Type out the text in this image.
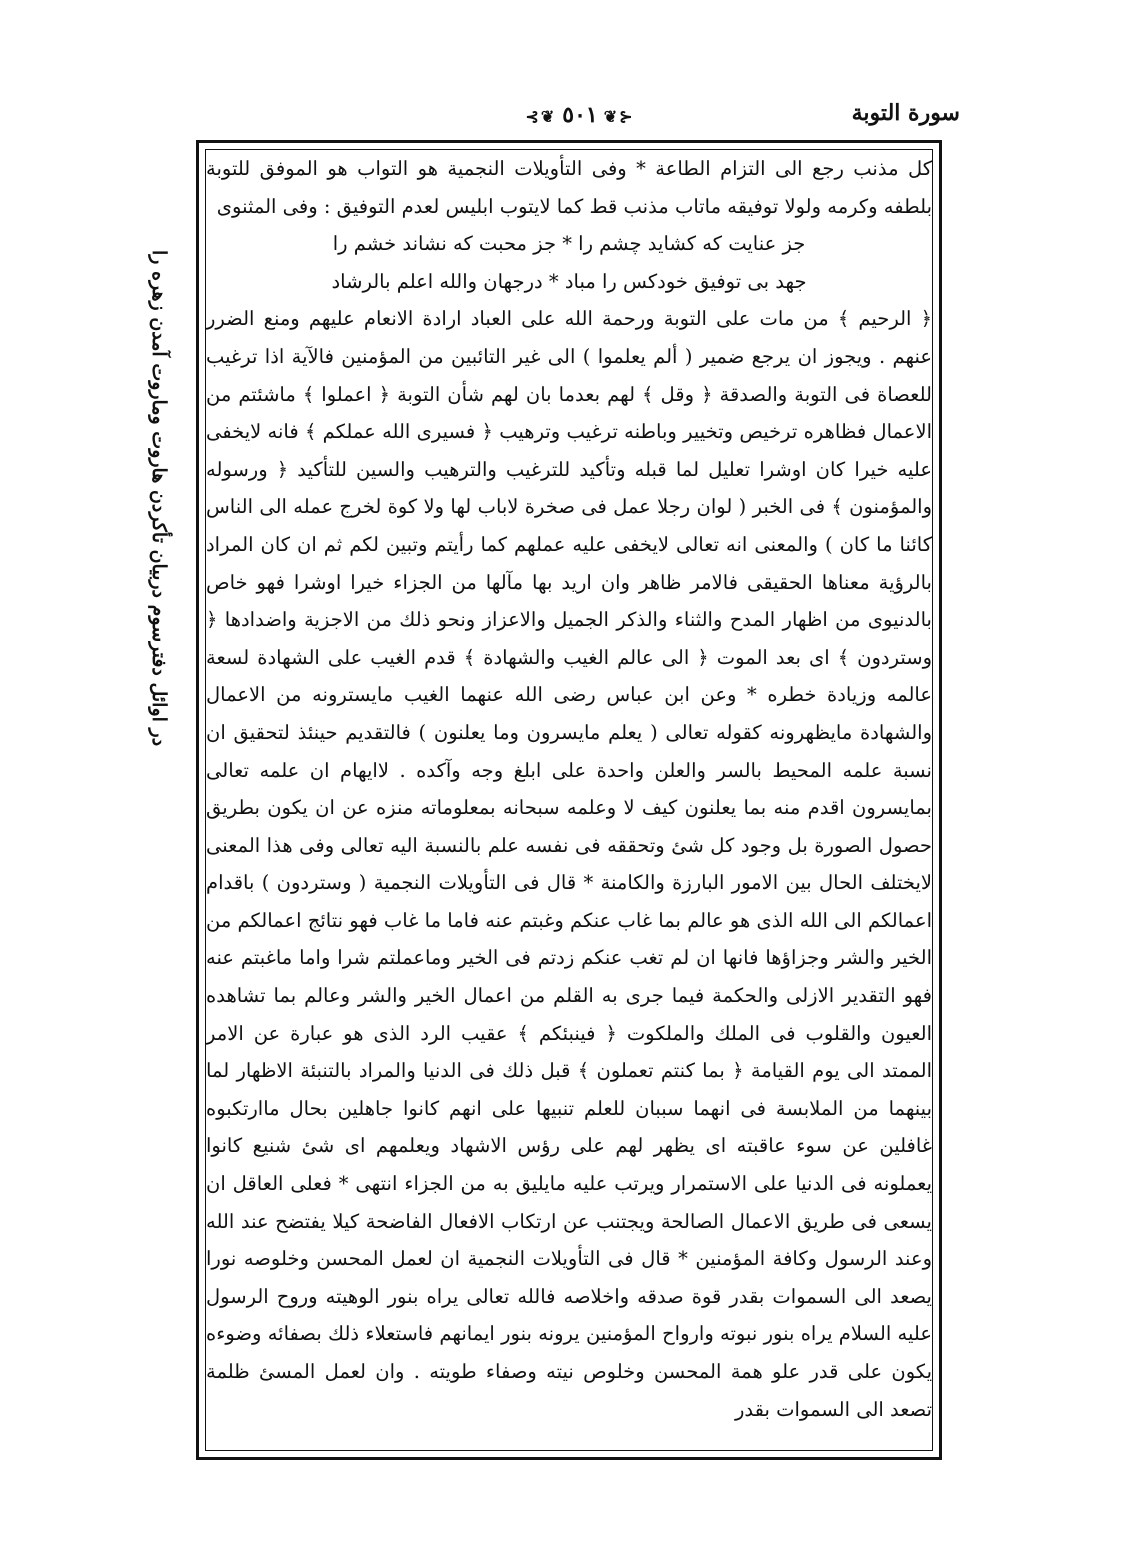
⊰❦ ٥٠١ ❦⊱	سورة التوبة
در اوائل دفترسوم دربيان تأكردن هاروت وماروت آمدن زهره را

كل مذنب رجع الى التزام الطاعة * وفى التأويلات النجمية هو التواب هو الموفق للتوبة بلطفه وكرمه ولولا توفيقه ماتاب مذنب قط كما لايتوب ابليس لعدم التوفيق : وفى المثنوى

جز عنايت كه كشايد چشم را * جز محبت كه نشاند خشم را

جهد بى توفيق خودكس را مباد * درجهان والله اعلم بالرشاد

﴿ الرحيم ﴾ من مات على التوبة ورحمة الله على العباد ارادة الانعام عليهم ومنع الضرر عنهم . ويجوز ان يرجع ضمير ( ألم يعلموا ) الى غير التائبين من المؤمنين فالآية اذا ترغيب للعصاة فى التوبة والصدقة ﴿ وقل ﴾ لهم بعدما بان لهم شأن التوبة ﴿ اعملوا ﴾ ماشئتم من الاعمال فظاهره ترخيص وتخيير وباطنه ترغيب وترهيب ﴿ فسيرى الله عملكم ﴾ فانه لايخفى عليه خيرا كان اوشرا تعليل لما قبله وتأكيد للترغيب والترهيب والسين للتأكيد ﴿ ورسوله والمؤمنون ﴾ فى الخبر ( لوان رجلا عمل فى صخرة لاباب لها ولا كوة لخرج عمله الى الناس كائنا ما كان ) والمعنى انه تعالى لايخفى عليه عملهم كما رأيتم وتبين لكم ثم ان كان المراد بالرؤية معناها الحقيقى فالامر ظاهر وان اريد بها مآلها من الجزاء خيرا اوشرا فهو خاص بالدنيوى من اظهار المدح والثناء والذكر الجميل والاعزاز ونحو ذلك من الاجزية واضدادها ﴿ وستردون ﴾ اى بعد الموت ﴿ الى عالم الغيب والشهادة ﴾ قدم الغيب على الشهادة لسعة عالمه وزيادة خطره * وعن ابن عباس رضى الله عنهما الغيب مايسترونه من الاعمال والشهادة مايظهرونه كقوله تعالى ( يعلم مايسرون وما يعلنون ) فالتقديم حينئذ لتحقيق ان نسبة علمه المحيط بالسر والعلن واحدة على ابلغ وجه وآكده . لاايهام ان علمه تعالى بمايسرون اقدم منه بما يعلنون كيف لا وعلمه سبحانه بمعلوماته منزه عن ان يكون بطريق حصول الصورة بل وجود كل شئ وتحققه فى نفسه علم بالنسبة اليه تعالى وفى هذا المعنى لايختلف الحال بين الامور البارزة والكامنة * قال فى التأويلات النجمية ( وستردون ) باقدام اعمالكم الى الله الذى هو عالم بما غاب عنكم وغبتم عنه فاما ما غاب فهو نتائج اعمالكم من الخير والشر وجزاؤها فانها ان لم تغب عنكم زدتم فى الخير وماعملتم شرا واما ماغبتم عنه فهو التقدير الازلى والحكمة فيما جرى به القلم من اعمال الخير والشر وعالم بما تشاهده العيون والقلوب فى الملك والملكوت ﴿ فينبئكم ﴾ عقيب الرد الذى هو عبارة عن الامر الممتد الى يوم القيامة ﴿ بما كنتم تعملون ﴾ قبل ذلك فى الدنيا والمراد بالتنبئة الاظهار لما بينهما من الملابسة فى انهما سببان للعلم تنبيها على انهم كانوا جاهلين بحال ماارتكبوه غافلين عن سوء عاقبته اى يظهر لهم على رؤس الاشهاد ويعلمهم اى شئ شنيع كانوا يعملونه فى الدنيا على الاستمرار ويرتب عليه مايليق به من الجزاء انتهى * فعلى العاقل ان يسعى فى طريق الاعمال الصالحة ويجتنب عن ارتكاب الافعال الفاضحة كيلا يفتضح عند الله وعند الرسول وكافة المؤمنين * قال فى التأويلات النجمية ان لعمل المحسن وخلوصه نورا يصعد الى السموات بقدر قوة صدقه واخلاصه فالله تعالى يراه بنور الوهيته وروح الرسول عليه السلام يراه بنور نبوته وارواح المؤمنين يرونه بنور ايمانهم فاستعلاء ذلك بصفائه وضوءه يكون على قدر علو همة المحسن وخلوص نيته وصفاء طويته . وان لعمل المسئ ظلمة تصعد الى السموات بقدر
